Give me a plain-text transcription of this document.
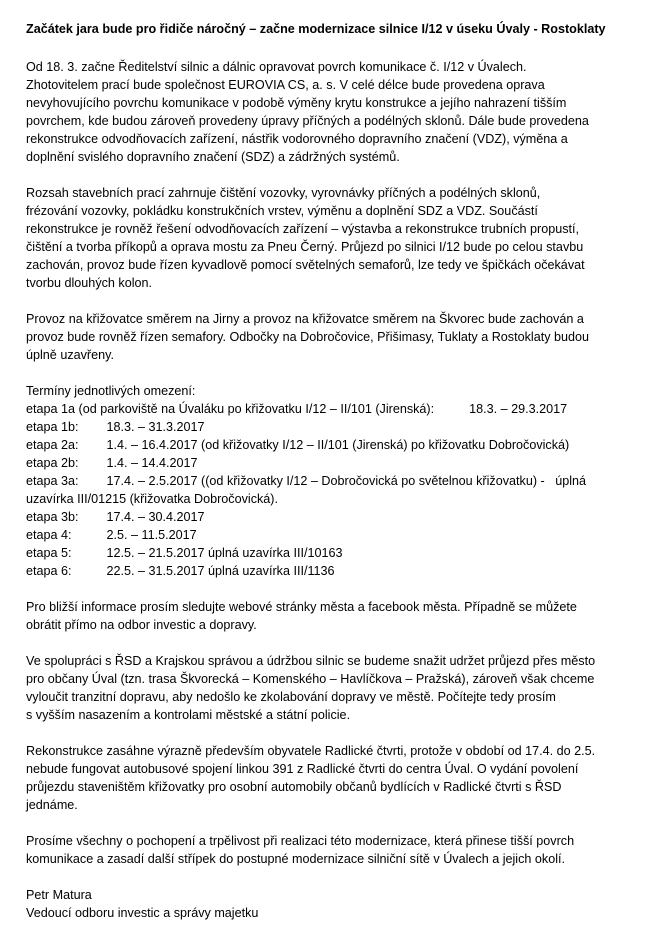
Začátek jara bude pro řidiče náročný – začne modernizace silnice I/12 v úseku Úvaly - Rostoklaty
Od 18. 3. začne Ředitelství silnic a dálnic opravovat povrch komunikace č. I/12 v Úvalech.
Zhotovitelem prací bude společnost EUROVIA CS, a. s. V celé délce bude provedena oprava
nevyhovujícího povrchu komunikace v podobě výměny krytu konstrukce a jejího nahrazení tišším
povrchem, kde budou zároveň provedeny úpravy příčných a podélných sklonů. Dále bude provedena
rekonstrukce odvodňovacích zařízení, nástřik vodorovného dopravního značení (VDZ), výměna a
doplnění svislého dopravního značení (SDZ) a zádržných systémů.
Rozsah stavebních prací zahrnuje čištění vozovky, vyrovnávky příčných a podélných sklonů,
frézování vozovky, pokládku konstrukčních vrstev, výměnu a doplnění SDZ a VDZ. Součástí
rekonstrukce je rovněž řešení odvodňovacích zařízení – výstavba a rekonstrukce trubních propustí,
čištění a tvorba příkopů a oprava mostu za Pneu Černý. Průjezd po silnici I/12 bude po celou stavbu
zachován, provoz bude řízen kyvadlově pomocí světelných semaforů, lze tedy ve špičkách očekávat
tvorbu dlouhých kolon.
Provoz na křižovatce směrem na Jirny a provoz na křižovatce směrem na Škvorec bude zachován a
provoz bude rovněž řízen semafory. Odbočky na Dobročovice, Přišimasy, Tuklaty a Rostoklaty budou
úplně uzavřeny.
Termíny jednotlivých omezení:
etapa 1a (od parkoviště na Úvaláku po křižovatku I/12 – II/101 (Jirenská):          18.3. – 29.3.2017
etapa 1b:        18.3. – 31.3.2017
etapa 2a:        1.4. – 16.4.2017 (od křižovatky I/12 – II/101 (Jirenská) po křižovatku Dobročovická)
etapa 2b:        1.4. – 14.4.2017
etapa 3a:        17.4. – 2.5.2017 ((od křižovatky I/12 – Dobročovická po světelnou křižovatku) -   úplná
uzavírka III/01215 (křižovatka Dobročovická).
etapa 3b:        17.4. – 30.4.2017
etapa 4:          2.5. – 11.5.2017
etapa 5:          12.5. – 21.5.2017 úplná uzavírka III/10163
etapa 6:          22.5. – 31.5.2017 úplná uzavírka III/1136
Pro bližší informace prosím sledujte webové stránky města a facebook města. Případně se můžete
obrátit přímo na odbor investic a dopravy.
Ve spolupráci s ŘSD a Krajskou správou a údržbou silnic se budeme snažit udržet průjezd přes město
pro občany Úval (tzn. trasa Škvorecká – Komenského – Havlíčkova – Pražská), zároveň však chceme
vyloučit tranzitní dopravu, aby nedošlo ke zkolabování dopravy ve městě. Počítejte tedy prosím
s vyšším nasazením a kontrolami městské a státní policie.
Rekonstrukce zasáhne výrazně především obyvatele Radlické čtvrti, protože v období od 17.4. do 2.5.
nebude fungovat autobusové spojení linkou 391 z Radlické čtvrti do centra Úval. O vydání povolení
průjezdu staveništěm křižovatky pro osobní automobily občanů bydlících v Radlické čtvrti s ŘSD
jednáme.
Prosíme všechny o pochopení a trpělivost při realizaci této modernizace, která přinese tišší povrch
komunikace a zasadí další střípek do postupné modernizace silniční sítě v Úvalech a jejich okolí.
Petr Matura
Vedoucí odboru investic a správy majetku
